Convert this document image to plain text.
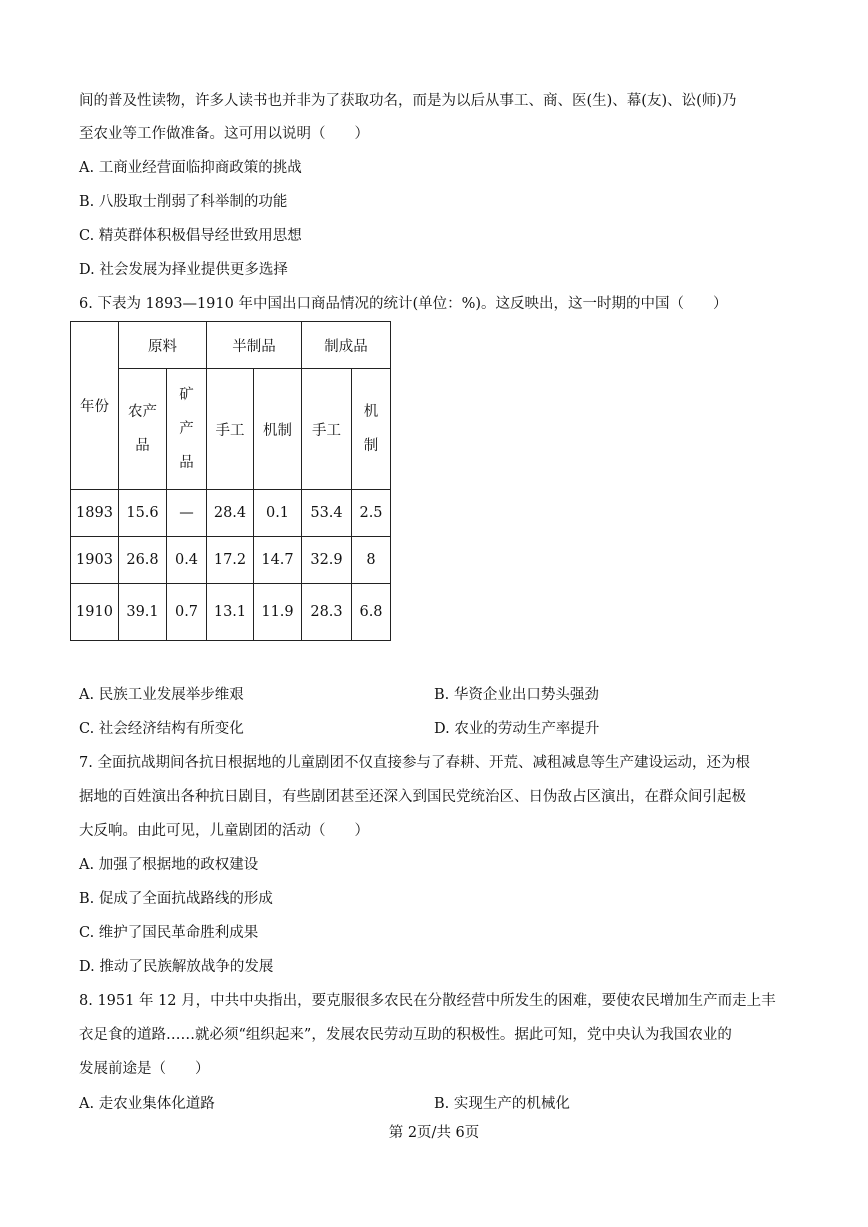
间的普及性读物，许多人读书也并非为了获取功名，而是为以后从事工、商、医(生)、幕(友)、讼(师)乃
至农业等工作做准备。这可用以说明（　　）
A. 工商业经营面临抑商政策的挑战
B. 八股取士削弱了科举制的功能
C. 精英群体积极倡导经世致用思想
D. 社会发展为择业提供更多选择
6. 下表为 1893—1910 年中国出口商品情况的统计(单位：%)。这反映出，这一时期的中国（　　）
年份	原料		半制品		制成品	
	农产品	矿产品	手工	机制	手工	机制
1893	15.6	—	28.4	0.1	53.4	2.5
1903	26.8	0.4	17.2	14.7	32.9	8
1910	39.1	0.7	13.1	11.9	28.3	6.8
A. 民族工业发展举步维艰	B. 华资企业出口势头强劲
C. 社会经济结构有所变化	D. 农业的劳动生产率提升
7. 全面抗战期间各抗日根据地的儿童剧团不仅直接参与了春耕、开荒、减租减息等生产建设运动，还为根
据地的百姓演出各种抗日剧目，有些剧团甚至还深入到国民党统治区、日伪敌占区演出，在群众间引起极
大反响。由此可见，儿童剧团的活动（　　）
A. 加强了根据地的政权建设
B. 促成了全面抗战路线的形成
C. 维护了国民革命胜利成果
D. 推动了民族解放战争的发展
8. 1951 年 12 月，中共中央指出，要克服很多农民在分散经营中所发生的困难，要使农民增加生产而走上丰
衣足食的道路……就必须“组织起来”，发展农民劳动互助的积极性。据此可知，党中央认为我国农业的
发展前途是（　　）
A. 走农业集体化道路	B. 实现生产的机械化
第 2页/共 6页
